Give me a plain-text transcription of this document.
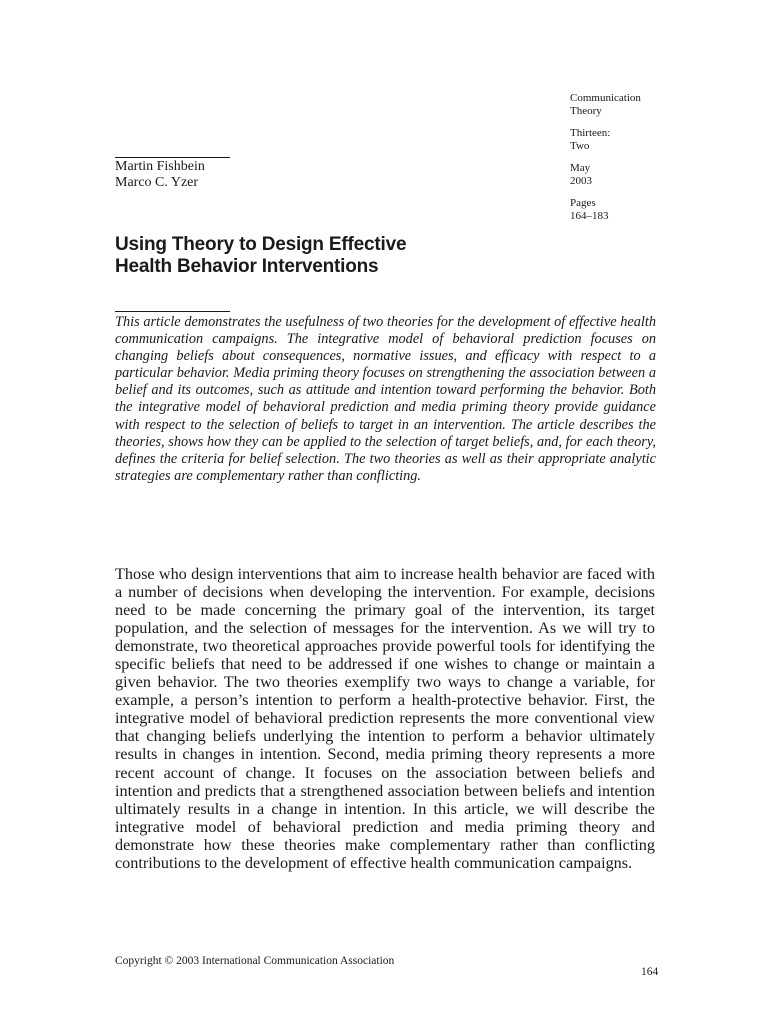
Communication
Theory
Thirteen:
Two
May
2003
Pages
164–183
Martin Fishbein
Marco C. Yzer
Using Theory to Design Effective
Health Behavior Interventions
This article demonstrates the usefulness of two theories for the development of effective health communication campaigns. The integrative model of behavioral prediction focuses on changing beliefs about consequences, normative issues, and efficacy with respect to a particular behavior. Media priming theory focuses on strengthening the association between a belief and its outcomes, such as attitude and intention toward performing the behavior. Both the integrative model of behavioral prediction and media priming theory provide guidance with respect to the selection of beliefs to target in an intervention. The article describes the theories, shows how they can be applied to the selection of target beliefs, and, for each theory, defines the criteria for belief selection. The two theories as well as their appropriate analytic strategies are complementary rather than conflicting.
Those who design interventions that aim to increase health behavior are faced with a number of decisions when developing the intervention. For example, decisions need to be made concerning the primary goal of the intervention, its target population, and the selection of messages for the intervention. As we will try to demonstrate, two theoretical approaches provide powerful tools for identifying the specific beliefs that need to be addressed if one wishes to change or maintain a given behavior. The two theories exemplify two ways to change a variable, for example, a person’s intention to perform a health-protective behavior. First, the integrative model of behavioral prediction represents the more conventional view that changing beliefs underlying the intention to perform a behavior ultimately results in changes in intention. Second, media priming theory represents a more recent account of change. It focuses on the association between beliefs and intention and predicts that a strengthened association between beliefs and intention ultimately results in a change in intention. In this article, we will describe the integrative model of behavioral prediction and media priming theory and demonstrate how these theories make complementary rather than conflicting contributions to the development of effective health communication campaigns.
Copyright © 2003 International Communication Association
164
